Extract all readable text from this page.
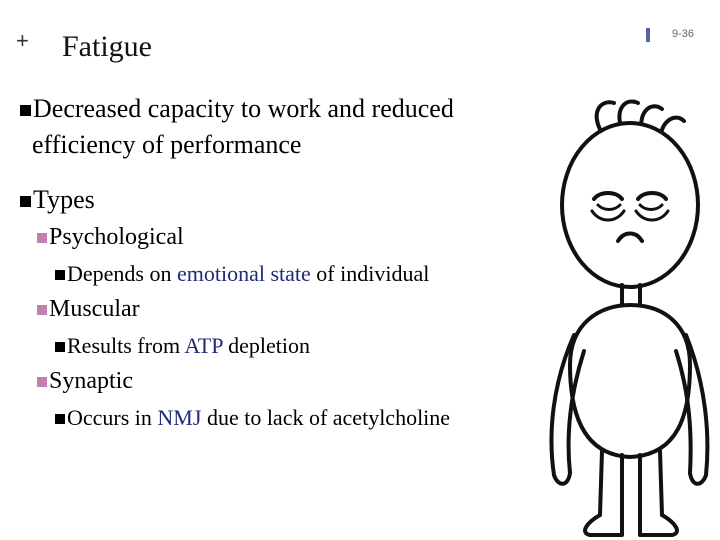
+ Fatigue	9-36
Decreased capacity to work and reduced
efficiency of performance
Types
Psychological
Depends on emotional state of individual
Muscular
Results from ATP depletion
Synaptic
Occurs in NMJ due to lack of acetylcholine
